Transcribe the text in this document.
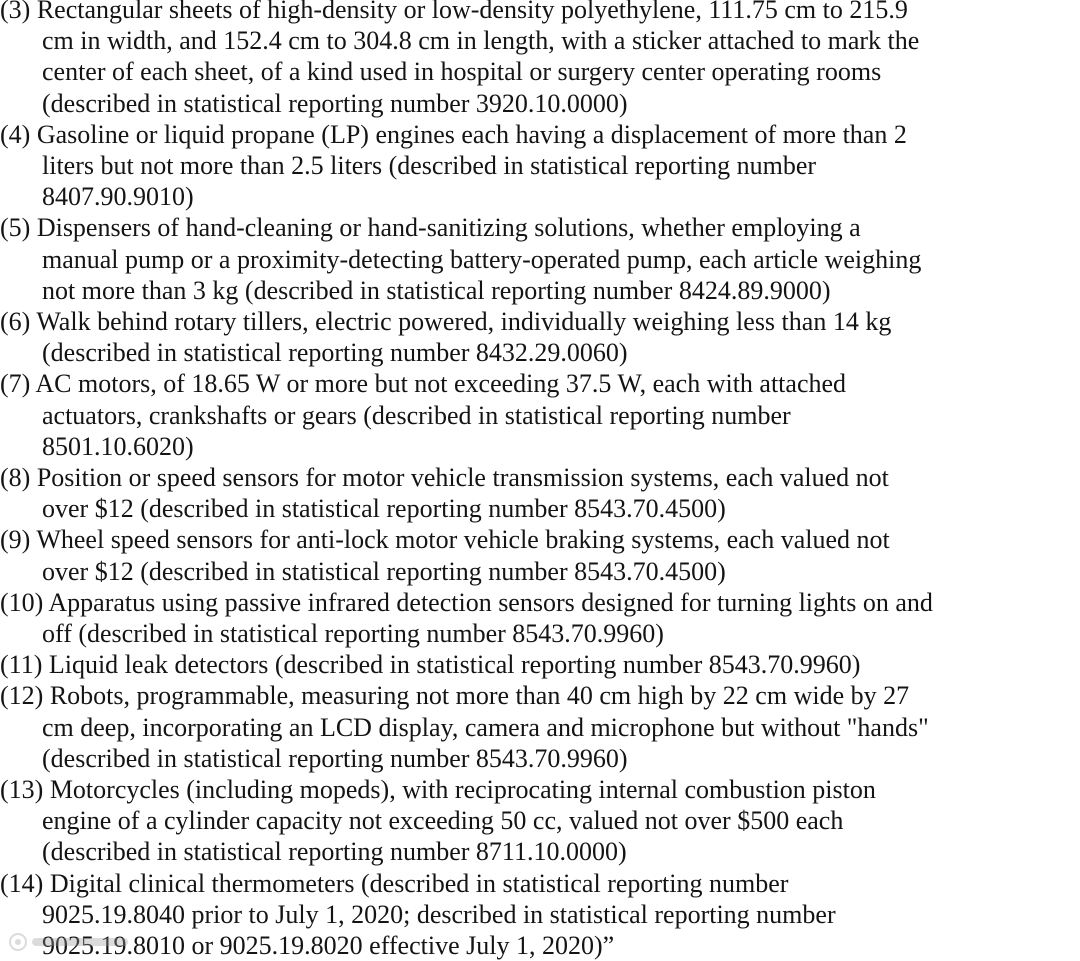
(3) Rectangular sheets of high-density or low-density polyethylene, 111.75 cm to 215.9
cm in width, and 152.4 cm to 304.8 cm in length, with a sticker attached to mark the
center of each sheet, of a kind used in hospital or surgery center operating rooms
(described in statistical reporting number 3920.10.0000)
(4) Gasoline or liquid propane (LP) engines each having a displacement of more than 2
liters but not more than 2.5 liters (described in statistical reporting number
8407.90.9010)
(5) Dispensers of hand-cleaning or hand-sanitizing solutions, whether employing a
manual pump or a proximity-detecting battery-operated pump, each article weighing
not more than 3 kg (described in statistical reporting number 8424.89.9000)
(6) Walk behind rotary tillers, electric powered, individually weighing less than 14 kg
(described in statistical reporting number 8432.29.0060)
(7) AC motors, of 18.65 W or more but not exceeding 37.5 W, each with attached
actuators, crankshafts or gears (described in statistical reporting number
8501.10.6020)
(8) Position or speed sensors for motor vehicle transmission systems, each valued not
over $12 (described in statistical reporting number 8543.70.4500)
(9) Wheel speed sensors for anti-lock motor vehicle braking systems, each valued not
over $12 (described in statistical reporting number 8543.70.4500)
(10) Apparatus using passive infrared detection sensors designed for turning lights on and
off (described in statistical reporting number 8543.70.9960)
(11) Liquid leak detectors (described in statistical reporting number 8543.70.9960)
(12) Robots, programmable, measuring not more than 40 cm high by 22 cm wide by 27
cm deep, incorporating an LCD display, camera and microphone but without "hands"
(described in statistical reporting number 8543.70.9960)
(13) Motorcycles (including mopeds), with reciprocating internal combustion piston
engine of a cylinder capacity not exceeding 50 cc, valued not over $500 each
(described in statistical reporting number 8711.10.0000)
(14) Digital clinical thermometers (described in statistical reporting number
9025.19.8040 prior to July 1, 2020; described in statistical reporting number
9025.19.8010 or 9025.19.8020 effective July 1, 2020)”
